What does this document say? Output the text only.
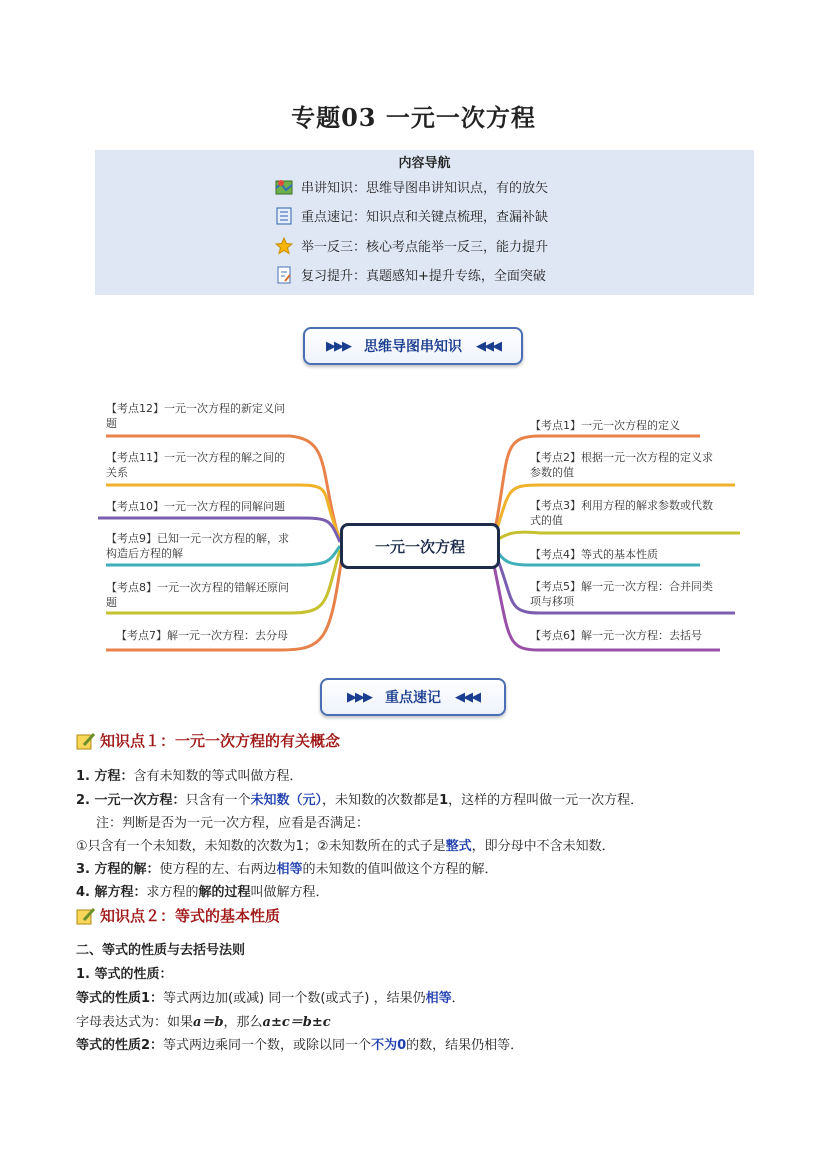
专题03 一元一次方程
内容导航
串讲知识：思维导图串讲知识点，有的放矢
重点速记：知识点和关键点梳理，查漏补缺
举一反三：核心考点能举一反三，能力提升
复习提升：真题感知+提升专练，全面突破
▶▶▶ 思维导图串知识 ◀◀◀
一元一次方程
【考点12】一元一次方程的新定义问
题
【考点11】一元一次方程的解之间的
关系
【考点10】一元一次方程的同解问题
【考点9】已知一元一次方程的解，求
构造后方程的解
【考点8】一元一次方程的错解还原问
题
【考点7】解一元一次方程：去分母
【考点1】一元一次方程的定义
【考点2】根据一元一次方程的定义求
参数的值
【考点3】利用方程的解求参数或代数
式的值
【考点4】等式的基本性质
【考点5】解一元一次方程：合并同类
项与移项
【考点6】解一元一次方程：去括号
▶▶▶ 重点速记 ◀◀◀
知识点１：一元一次方程的有关概念
1. 方程：含有未知数的等式叫做方程．
2. 一元一次方程：只含有一个未知数（元），未知数的次数都是1，这样的方程叫做一元一次方程．
注：判断是否为一元一次方程，应看是否满足：
①只含有一个未知数，未知数的次数为1；②未知数所在的式子是整式，即分母中不含未知数．
3. 方程的解：使方程的左、右两边相等的未知数的值叫做这个方程的解．
4. 解方程：求方程的解的过程叫做解方程．
知识点２：等式的基本性质
二、等式的性质与去括号法则
1. 等式的性质：
等式的性质1：等式两边加(或减) 同一个数(或式子) ，结果仍相等．
字母表达式为：如果a＝b，那么a±c＝b±c
等式的性质2：等式两边乘同一个数，或除以同一个不为0的数，结果仍相等．
